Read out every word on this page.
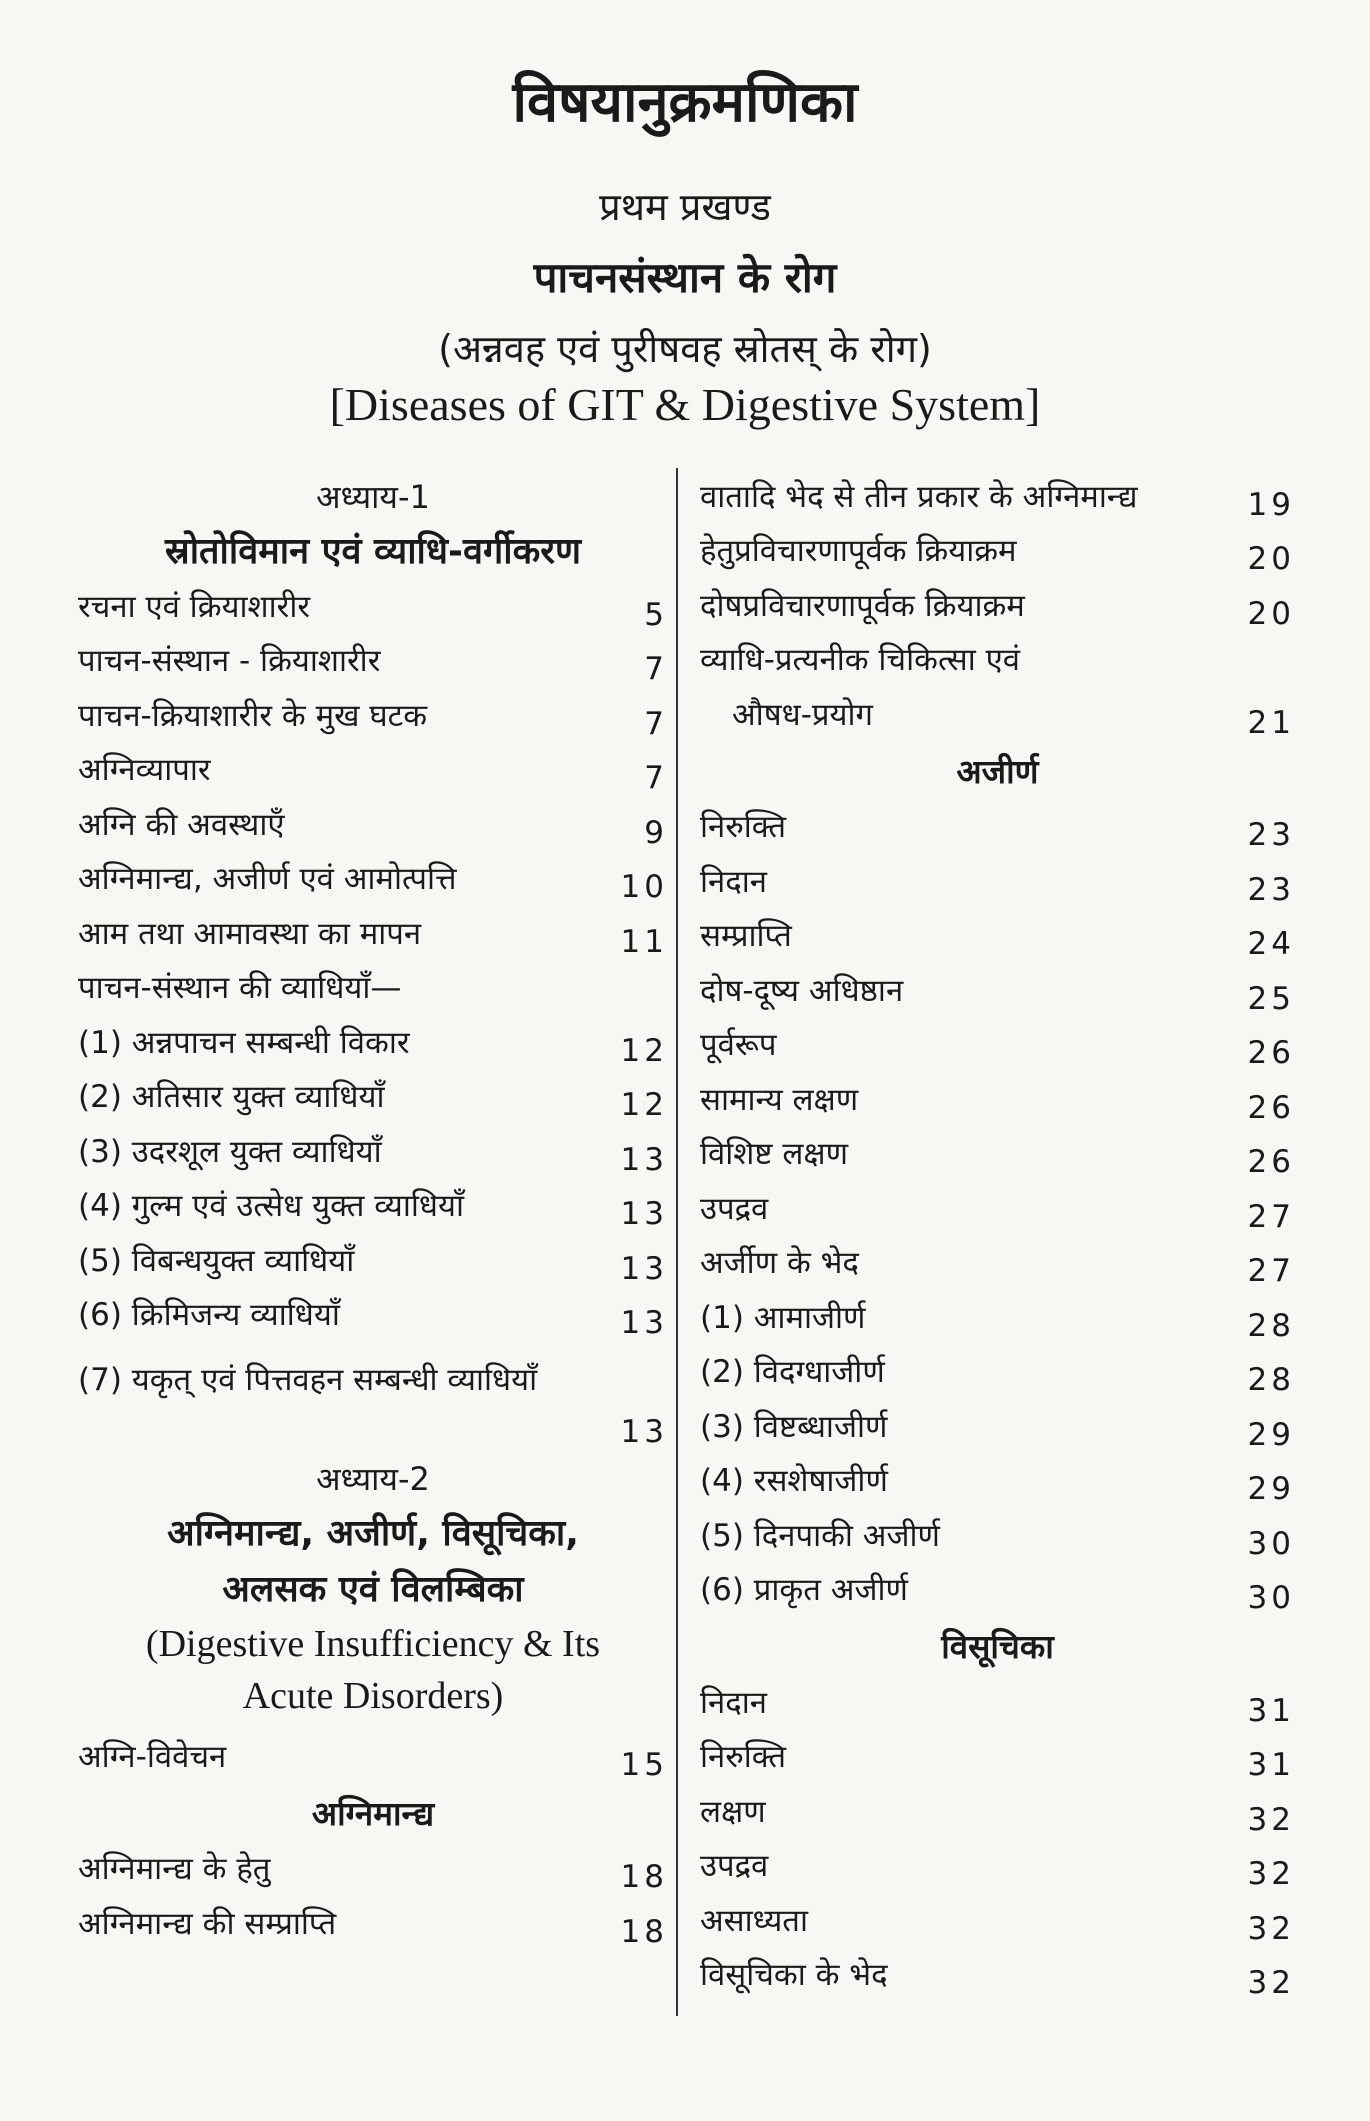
विषयानुक्रमणिका
प्रथम प्रखण्ड
पाचनसंस्थान के रोग
(अन्नवह एवं पुरीषवह स्रोतस् के रोग)
[Diseases of GIT & Digestive System]
अध्याय-1
स्रोतोविमान एवं व्याधि-वर्गीकरण
रचना एवं क्रियाशारीर	5
पाचन-संस्थान - क्रियाशारीर	7
पाचन-क्रियाशारीर के मुख घटक	7
अग्निव्यापार	7
अग्नि की अवस्थाएँ	9
अग्निमान्द्य, अजीर्ण एवं आमोत्पत्ति	10
आम तथा आमावस्था का मापन	11
पाचन-संस्थान की व्याधियाँ—
(1) अन्नपाचन सम्बन्धी विकार	12
(2) अतिसार युक्त व्याधियाँ	12
(3) उदरशूल युक्त व्याधियाँ	13
(4) गुल्म एवं उत्सेध युक्त व्याधियाँ	13
(5) विबन्धयुक्त व्याधियाँ	13
(6) क्रिमिजन्य व्याधियाँ	13
(7) यकृत् एवं पित्तवहन सम्बन्धी व्याधियाँ
13
अध्याय-2
अग्निमान्द्य, अजीर्ण, विसूचिका,
अलसक एवं विलम्बिका
(Digestive Insufficiency & Its
Acute Disorders)
अग्नि-विवेचन	15
अग्निमान्द्य
अग्निमान्द्य के हेतु	18
अग्निमान्द्य की सम्प्राप्ति	18
वातादि भेद से तीन प्रकार के अग्निमान्द्य	19
हेतुप्रविचारणापूर्वक क्रियाक्रम	20
दोषप्रविचारणापूर्वक क्रियाक्रम	20
व्याधि-प्रत्यनीक चिकित्सा एवं
औषध-प्रयोग	21
अजीर्ण
निरुक्ति	23
निदान	23
सम्प्राप्ति	24
दोष-दूष्य अधिष्ठान	25
पूर्वरूप	26
सामान्य लक्षण	26
विशिष्ट लक्षण	26
उपद्रव	27
अर्जीण के भेद	27
(1) आमाजीर्ण	28
(2) विदग्धाजीर्ण	28
(3) विष्टब्धाजीर्ण	29
(4) रसशेषाजीर्ण	29
(5) दिनपाकी अजीर्ण	30
(6) प्राकृत अजीर्ण	30
विसूचिका
निदान	31
निरुक्ति	31
लक्षण	32
उपद्रव	32
असाध्यता	32
विसूचिका के भेद	32
